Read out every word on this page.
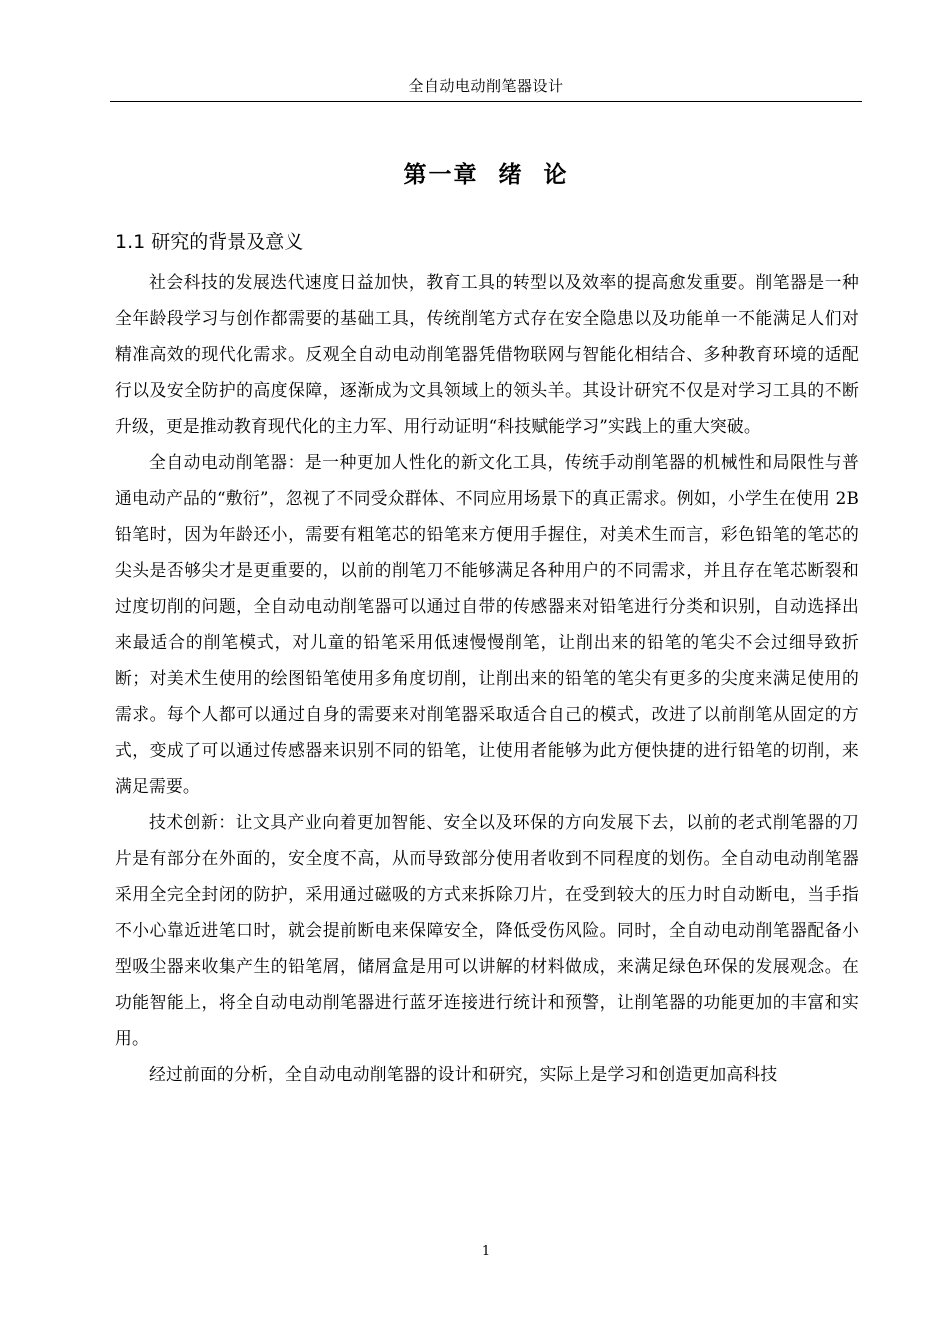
全自动电动削笔器设计
第一章  绪  论
1.1 研究的背景及意义

社会科技的发展迭代速度日益加快，教育工具的转型以及效率的提高愈发重要。削笔器是一种全年龄段学习与创作都需要的基础工具，传统削笔方式存在安全隐患以及功能单一不能满足人们对精准高效的现代化需求。反观全自动电动削笔器凭借物联网与智能化相结合、多种教育环境的适配行以及安全防护的高度保障，逐渐成为文具领域上的领头羊。其设计研究不仅是对学习工具的不断升级，更是推动教育现代化的主力军、用行动证明“科技赋能学习”实践上的重大突破。

全自动电动削笔器：是一种更加人性化的新文化工具，传统手动削笔器的机械性和局限性与普通电动产品的“敷衍”，忽视了不同受众群体、不同应用场景下的真正需求。例如，小学生在使用 2B 铅笔时，因为年龄还小，需要有粗笔芯的铅笔来方便用手握住，对美术生而言，彩色铅笔的笔芯的尖头是否够尖才是更重要的，以前的削笔刀不能够满足各种用户的不同需求，并且存在笔芯断裂和过度切削的问题，全自动电动削笔器可以通过自带的传感器来对铅笔进行分类和识别，自动选择出来最适合的削笔模式，对儿童的铅笔采用低速慢慢削笔，让削出来的铅笔的笔尖不会过细导致折断；对美术生使用的绘图铅笔使用多角度切削，让削出来的铅笔的笔尖有更多的尖度来满足使用的需求。每个人都可以通过自身的需要来对削笔器采取适合自己的模式，改进了以前削笔从固定的方式，变成了可以通过传感器来识别不同的铅笔，让使用者能够为此方便快捷的进行铅笔的切削，来满足需要。

技术创新：让文具产业向着更加智能、安全以及环保的方向发展下去，以前的老式削笔器的刀片是有部分在外面的，安全度不高，从而导致部分使用者收到不同程度的划伤。全自动电动削笔器采用全完全封闭的防护，采用通过磁吸的方式来拆除刀片，在受到较大的压力时自动断电，当手指不小心靠近进笔口时，就会提前断电来保障安全，降低受伤风险。同时，全自动电动削笔器配备小型吸尘器来收集产生的铅笔屑，储屑盒是用可以讲解的材料做成，来满足绿色环保的发展观念。在功能智能上，将全自动电动削笔器进行蓝牙连接进行统计和预警，让削笔器的功能更加的丰富和实用。

经过前面的分析，全自动电动削笔器的设计和研究，实际上是学习和创造更加高科技

1
